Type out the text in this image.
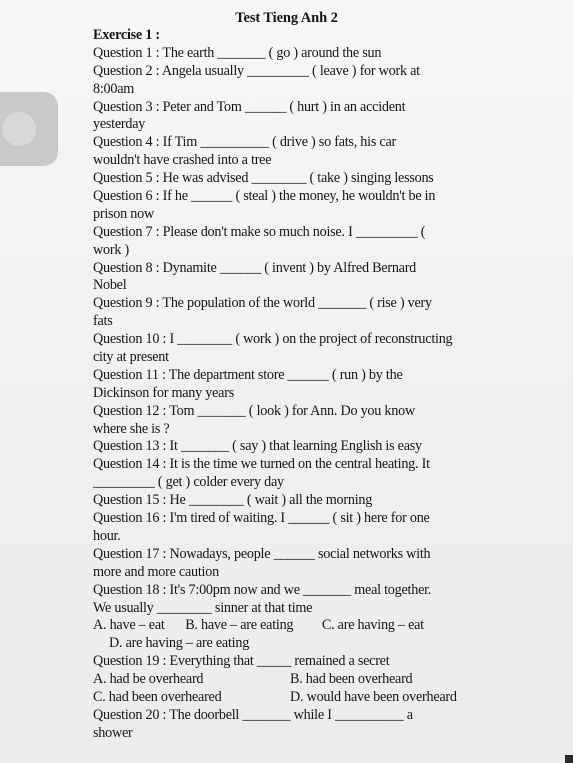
Test Tieng Anh 2
Exercise 1 :
Question 1 : The earth _______ ( go ) around the sun
Question 2 : Angela usually _________ ( leave ) for work at
8:00am
Question 3 : Peter and Tom ______ ( hurt ) in an accident
yesterday
Question 4 : If Tim __________ ( drive ) so fats, his car
wouldn't have crashed into a tree
Question 5 : He was advised ________ ( take ) singing lessons
Question 6 : If he ______ ( steal ) the money, he wouldn't be in
prison now
Question 7 : Please don't make so much noise. I _________ (
work )
Question 8 : Dynamite ______ ( invent ) by Alfred Bernard
Nobel
Question 9 : The population of the world _______ ( rise ) very
fats
Question 10 : I ________ ( work ) on the project of reconstructing
city at present
Question 11 : The department store ______ ( run ) by the
Dickinson for many years
Question 12 : Tom _______ ( look ) for Ann. Do you know
where she is ?
Question 13 : It _______ ( say ) that learning English is easy
Question 14 : It is the time we turned on the central heating. It
_________ ( get ) colder every day
Question 15 : He ________ ( wait ) all the morning
Question 16 : I'm tired of waiting. I ______ ( sit ) here for one
hour.
Question 17 : Nowadays, people ______ social networks with
more and more caution
Question 18 : It's 7:00pm now and we _______ meal together.
We usually ________ sinner at that time
A. have – eat B. have – are eating C. are having – eat
D. are having – are eating
Question 19 : Everything that _____ remained a secret
A. had be overheard	B. had been overheard
C. had been overheared	D. would have been overheard
Question 20 : The doorbell _______ while I __________ a
shower
